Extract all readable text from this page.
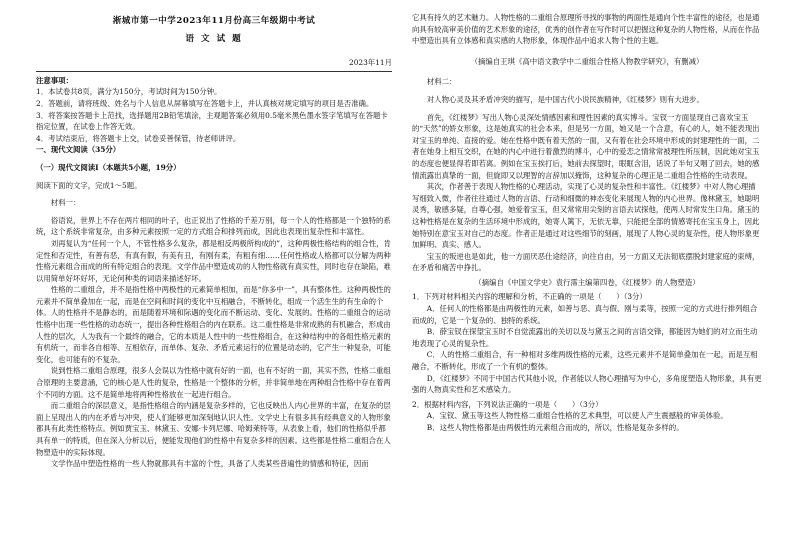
淅城市第一中学2023年11月份高三年级期中考试

语 文 试 题

2023年11月

注意事项：

1．本试卷共8页，满分为150分，考试时间为150分钟。

2．答题前，请将班级、姓名与个人信息从屏幕填写在答题卡上，并认真核对规定填写的项目是否准确。

3．将答案按答题卡上范找，选择题用2B铅笔填涂，主观题答案必须用0.5毫米黑色墨水签字笔填写在答题卡指定位置，在试卷上作答无效。

4．考试结束后，将答题卡上交，试卷妥善保管，待老师讲评。

一、现代文阅读（35分）

（一）现代文阅读Ⅰ（本题共5小题，19分）

阅读下面的文字，完成1～5题。

材料一：

俗语说，世界上不存在两片相同的叶子，也正说出了性格的千差万别，每一个人的性格都是一个独特的系统，这个系统非常复杂，由多种元素按照一定的方式组合和排列而成，因此也表现出复杂性和丰富性。

刘再复认为“任何一个人，不管性格多么复杂，都是相反两极所构成的”，这种两极性格结构的组合性，肯定性和否定性，有善有恶，有真有假，有美有丑，有刚有柔，有粗有细……任何性格或人格都可以分解为两种性格元素组合而成的所有特定组合的表现。文学作品中塑造成功的人物性格就有真实性，同时也存在缺陷，难以用简单好坏好坏，无论何种类的词语来描述好坏。

性格的二重组合，并不是指性格中两极性的元素简单相加，而是“你多中一”，具有整体性。这种两极性的元素并不简单叠加在一起，而是在空间和时间的变化中互相融合，不断转化，组成一个活生生的有生命的个体。人的性格并不是静态的，而是随着环境和际遇的变化而不断运动、变化、发展的。性格的二重组合的运动性格中出现一些性格的动态统一，提出各种性格组合的内在联系。这二重性格是非常成熟的有机融合，形成由人性的层次，人为我有一个最终的融合，它的本质是人性中的一些性格组合，在这种结构中的各组性格元素的有机统一，而非各自相等、互相依存，而单体、复杂、矛盾元素运行的位置是动态的，它产生一种复杂，可能变化，也可能有的不复杂。

说到性格二重组合原理，很多人会误以为性格中就有好的一面，也有不好的一面，其实不然，性格二重组合原理的主要意涵，它的核心是人性的复杂，性格是一个整体的分析，并非简单地在两种组合性格中存在着两个不同的方面。这不是简单地将两种性格放在一起进行组合。

而二重组合的深层意义，是指性格组合的内涵是复杂多样的，它也反映出人内心世界的丰富，在复杂的层面上呈现出人的内在矛盾与冲突，使人们能够更加深刻地认识人性。文学史上有很多具有经典意义的人物形象都具有此类性格特点。例如贾宝玉、林黛玉、安娜·卡列尼娜、哈姆莱特等，从表象上看，他们的性格似乎都具有单一的特质，但在深入分析以后，便能发现他们的性格中有复杂多样的因素。这些都是性格二重组合在人物塑造中的实际体现。

文学作品中塑造性格的一些人物就都具有丰富的个性，具备了人类某些普遍性的情感和特征，因而

它具有持久的艺术魅力。人物性格的二重组合原理所寻找的事物的两面性是通向个性丰富性的途径，也是通向具有较高审美价值的艺术形象的途径，优秀的创作者在写作时可以把握这种复杂的人物性格，从而在作品中塑造出具有立体感和真实感的人物形象，体现作品中追求人物个性的主题。

（摘编自王琪《高中语文教学中二重组合性格人物教学研究》，有删减）

材料二：

对人物心灵及其矛盾冲突的描写，是中国古代小说民族精神，《红楼梦》则有大进步。

首先，《红楼梦》写出人物心灵深处情感因素和理性因素的真实博斗。宝钗一方面显现自己喜欢宝玉的“天然”的娇女形象，这是她真实的社会本来，但是另一方面，她又是一个合意，有心的人，她不能表现出对宝玉的单纯、直接的爱。她在性格中既有着天然的一面，又有着在社会环境中形成的封建理性的一面，二者在她身上相互交织，在她的内心中进行着激烈的博斗，心中的爱恋之情常常被理性所压制，因此她对宝玉的态度也便显得若即若离。例如在宝玉挨打后，她前去探望时，眼眶含泪，话说了半句又咽了回去，她的感情流露出真挚的一面，但旋即又以理智的言辞加以掩饰，这种复杂的心理正是二重组合性格的生动表现。

其次，作者善于表现人物性格的心理活动，实现了心灵的复杂性和丰富性。《红楼梦》中对人物心理描写细致入微，作者往往通过人物的言语、行动和细微的神态变化来展现人物的内心世界。像林黛玉，她聪明灵秀，敏感多疑，自尊心强，她爱着宝玉，但又常常用尖刻的言语去试探他，使两人时常发生口角。黛玉的这种性格是在复杂的生活环境中形成的，她寄人篱下，无依无靠，只能把全部的情感寄托在宝玉身上，因此她特别在意宝玉对自己的态度。作者正是通过对这些细节的刻画，展现了人物心灵的复杂性，使人物形象更加鲜明、真实、感人。

宝玉的叛逆也是如此，他一方面厌恶仕途经济，向往自由，另一方面又无法彻底摆脱封建家庭的束缚，在矛盾和痛苦中挣扎。

（摘编自《中国文学史》袁行霈主编第四卷，《红楼梦》的人物塑造）

1．下列对材料相关内容的理解和分析，不正确的一项是（　　）（3分）

A．任何人的性格都是由两极性的元素，如善与恶、真与假、刚与柔等，按照一定的方式进行排列组合而成的，它是一个复杂的、独特的系统。

B．薛宝钗在探望宝玉时不自觉流露出的关切以及与黛玉之间的言语交锋，都能因为她们的对立而生动地表现了心灵的复杂性。

C．人的性格二重组合，有一种相对多维两级性格的元素，这些元素并不是简单叠加在一起，而是互相融合，不断转化，形成了一个有机的整体。

D．《红楼梦》不同于中国古代其他小说，作者能以人物心理描写为中心，多角度塑造人物形象，具有更强的人物真实性和艺术感染力。

2．根据材料内容，下列说法正确的一项是（　　）（3分）

A．宝钗、黛玉等这些人物性格二重组合性格的艺术典型，可以使人产生震撼般的审美体验。

B．这些人物性格都是由两极性的元素组合而成的，所以，性格是复杂多样的。
